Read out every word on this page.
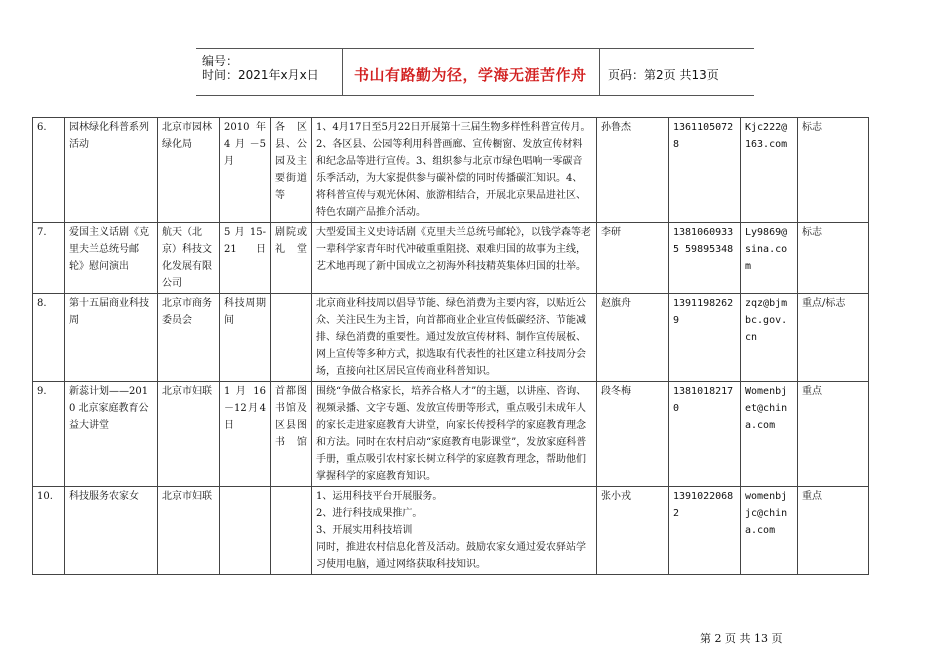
编号：
时间：2021年x月x日 书山有路勤为径，学海无涯苦作舟 页码：第2页 共13页
6.	园林绿化科普系列活动	北京市园林绿化局	2010 年 4月－5月	各 区县、公园及主要街道等	1、4月17日至5月22日开展第十三届生物多样性科普宣传月。2、各区县、公园等利用科普画廊、宣传橱窗、发放宣传材料和纪念品等进行宣传。3、组织参与北京市绿色唱响一零碳音乐季活动，为大家提供参与碳补偿的同时传播碳汇知识。4、将科普宣传与观光休闲、旅游相结合，开展北京果品进社区、特色农副产品推介活动。	孙鲁杰	13611050728	Kjc222@163.com	标志
7.	爱国主义话剧《克里夫兰总统号邮轮》慰问演出	航天（北京）科技文化发展有限公司	5 月 15-21日	剧院或礼堂	大型爱国主义史诗话剧《克里夫兰总统号邮轮》，以钱学森等老一辈科学家青年时代冲破重重阻挠、艰难归国的故事为主线，艺术地再现了新中国成立之初海外科技精英集体归国的壮举。	李研	13810609335 59895348	Ly9869@sina.com	标志
8.	第十五届商业科技周	北京市商务委员会	科技周期间		北京商业科技周以倡导节能、绿色消费为主要内容，以贴近公众、关注民生为主旨，向首都商业企业宣传低碳经济、节能减排、绿色消费的重要性。通过发放宣传材料、制作宣传展板、网上宣传等多种方式，拟选取有代表性的社区建立科技周分会场，直接向社区居民宣传商业科普知识。	赵旗舟	13911982629	zqz@bjmbc.gov.cn	重点/标志
9.	新蕊计划——2010 北京家庭教育公益大讲堂	北京市妇联	1 月 16－12月4日	首都图书馆及区县图书馆	围绕“争做合格家长，培养合格人才”的主题，以讲座、咨询、视频录播、文字专题、发放宣传册等形式，重点吸引未成年人的家长走进家庭教育大讲堂，向家长传授科学的家庭教育理念和方法。同时在农村启动“家庭教育电影课堂”，发放家庭科普手册，重点吸引农村家长树立科学的家庭教育理念，帮助他们掌握科学的家庭教育知识。	段冬梅	13810182170	Womenbjet@china.com	重点
10.	科技服务农家女	北京市妇联			1、运用科技平台开展服务。
2、进行科技成果推广。
3、开展实用科技培训
同时，推进农村信息化普及活动。鼓励农家女通过爱农驿站学习使用电脑，通过网络获取科技知识。	张小戎	13910220682	womenbjjc@china.com	重点
第 2 页 共 13 页
